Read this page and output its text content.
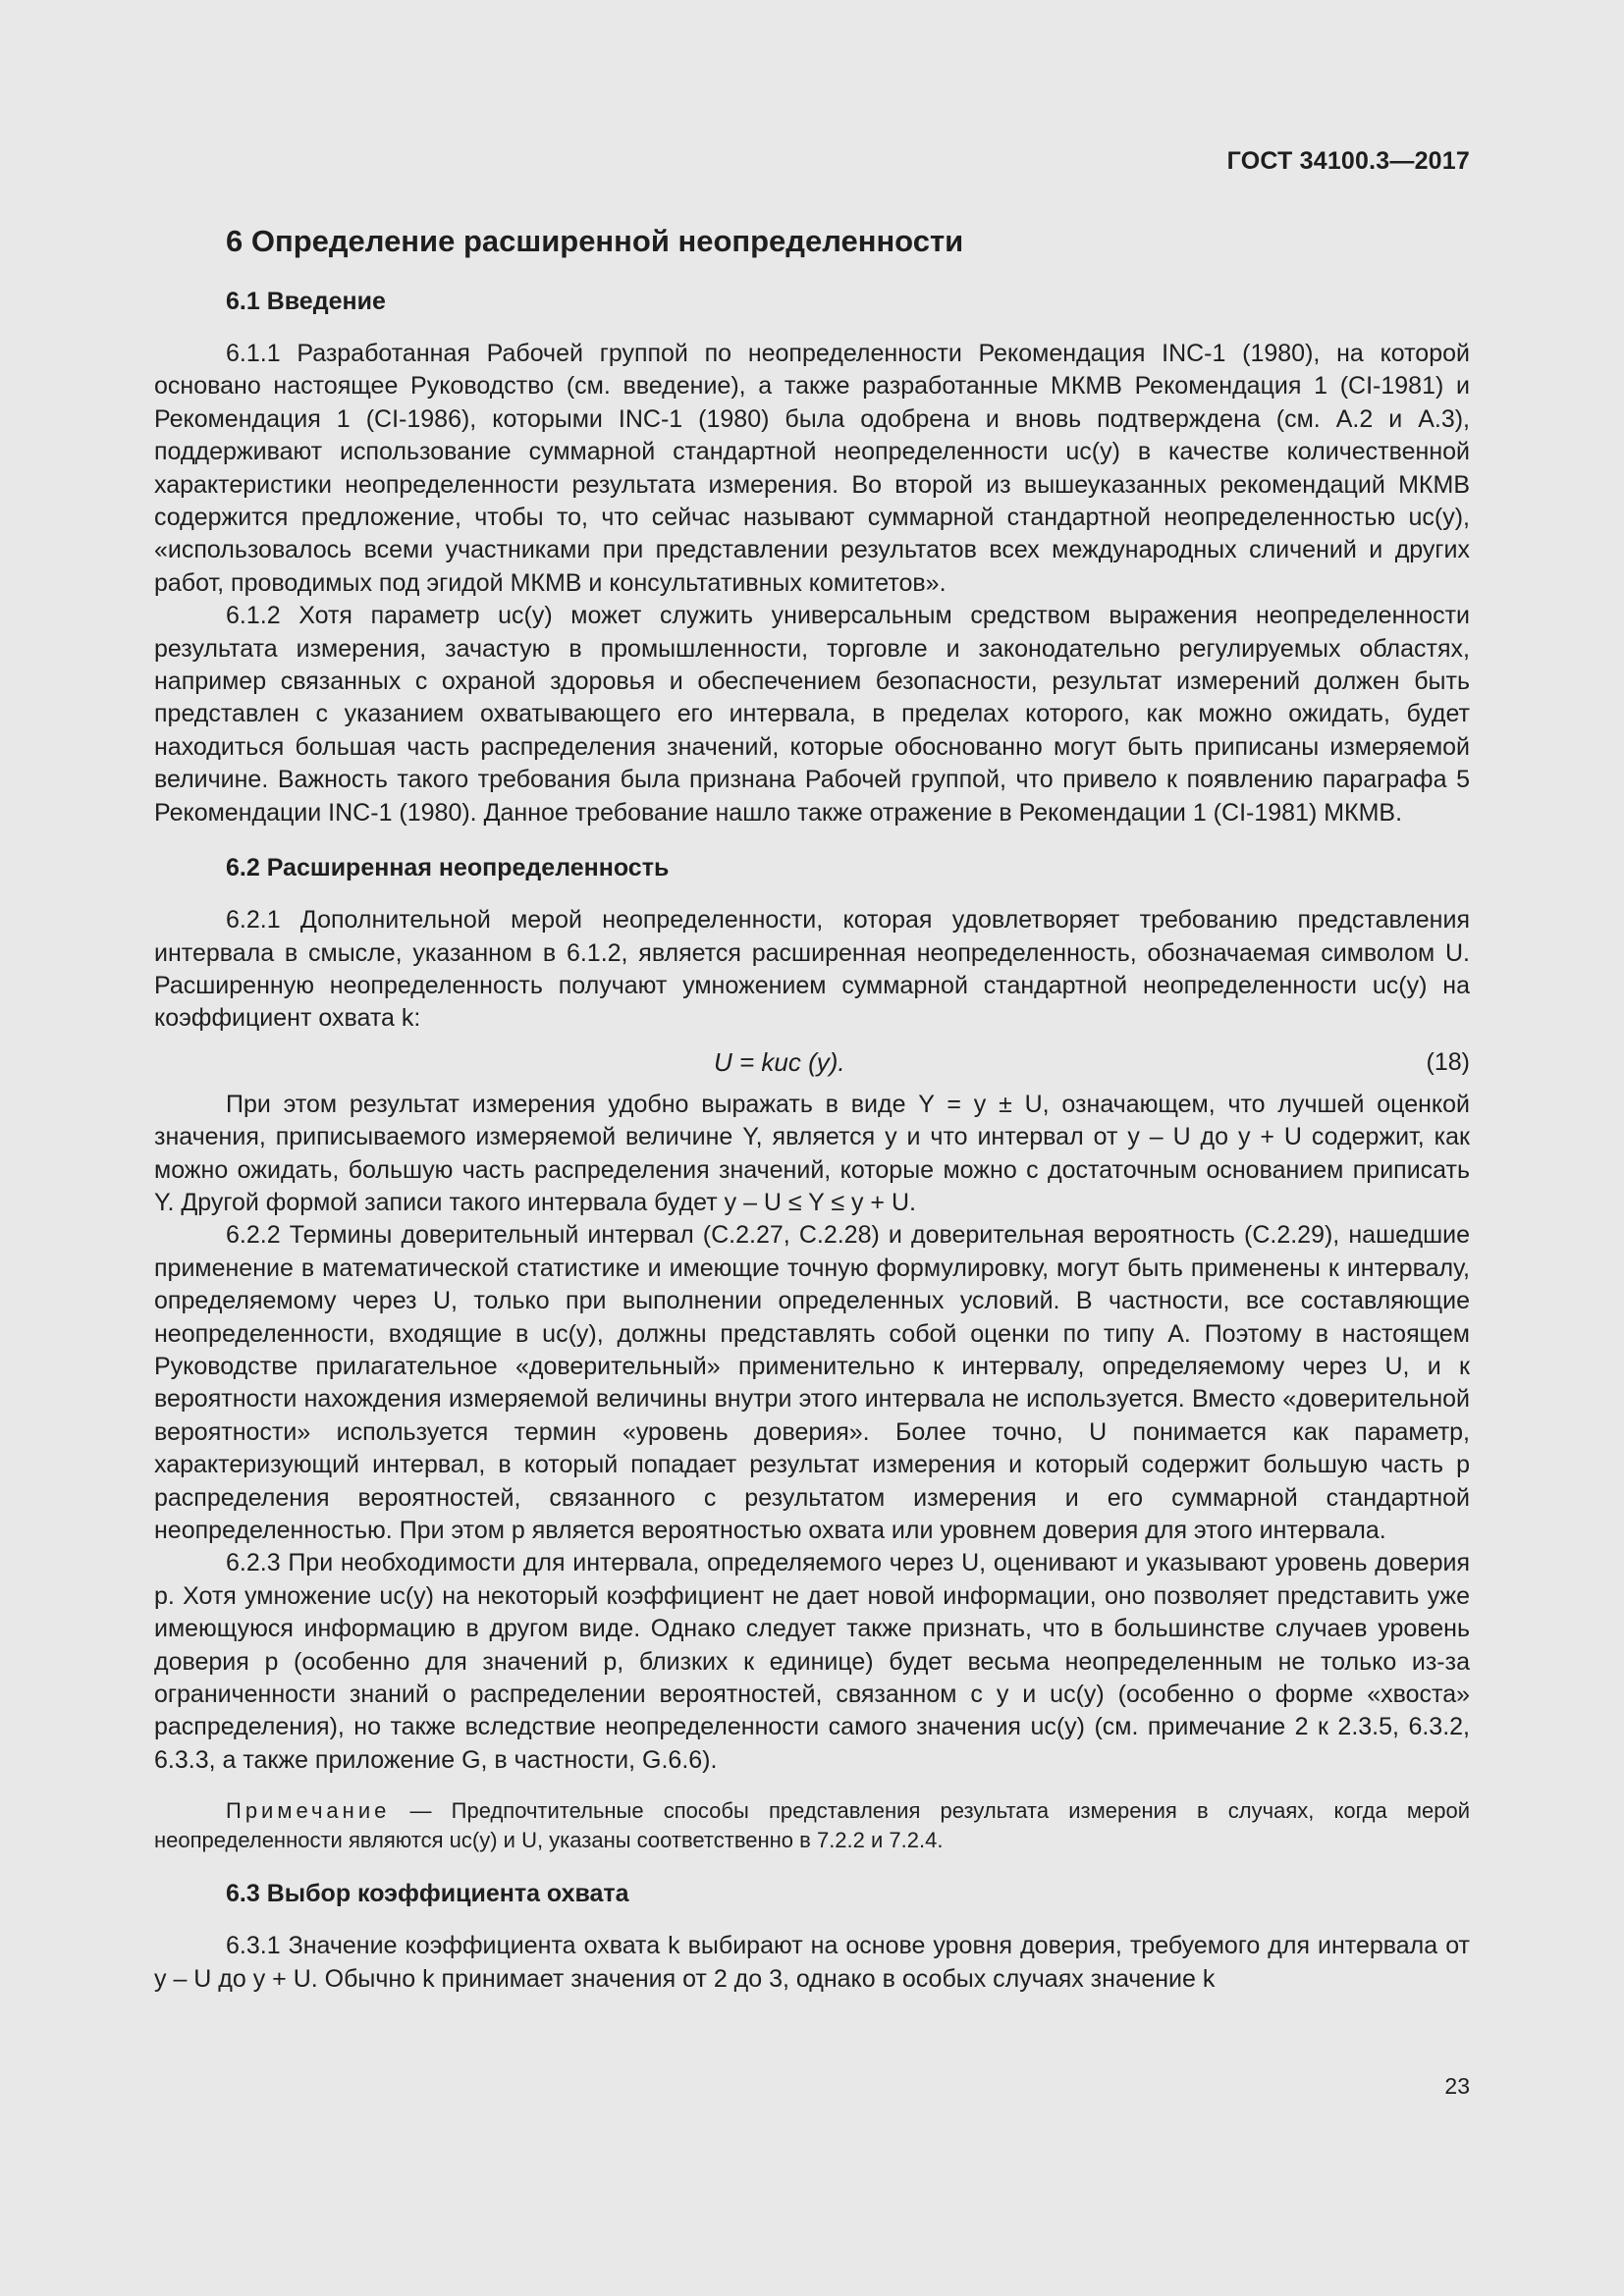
ГОСТ 34100.3—2017
6 Определение расширенной неопределенности
6.1 Введение

6.1.1 Разработанная Рабочей группой по неопределенности Рекомендация INC-1 (1980), на которой основано настоящее Руководство (см. введение), а также разработанные МКМВ Рекомендация 1 (CI-1981) и Рекомендация 1 (CI-1986), которыми INC-1 (1980) была одобрена и вновь подтверждена (см. А.2 и А.3), поддерживают использование суммарной стандартной неопределенности uc(y) в качестве количественной характеристики неопределенности результата измерения. Во второй из вышеуказанных рекомендаций МКМВ содержится предложение, чтобы то, что сейчас называют суммарной стандартной неопределенностью uc(y), «использовалось всеми участниками при представлении результатов всех международных сличений и других работ, проводимых под эгидой МКМВ и консультативных комитетов».

6.1.2 Хотя параметр uc(y) может служить универсальным средством выражения неопределенности результата измерения, зачастую в промышленности, торговле и законодательно регулируемых областях, например связанных с охраной здоровья и обеспечением безопасности, результат измерений должен быть представлен с указанием охватывающего его интервала, в пределах которого, как можно ожидать, будет находиться большая часть распределения значений, которые обоснованно могут быть приписаны измеряемой величине. Важность такого требования была признана Рабочей группой, что привело к появлению параграфа 5 Рекомендации INC-1 (1980). Данное требование нашло также отражение в Рекомендации 1 (CI-1981) МКМВ.

6.2 Расширенная неопределенность

6.2.1 Дополнительной мерой неопределенности, которая удовлетворяет требованию представления интервала в смысле, указанном в 6.1.2, является расширенная неопределенность, обозначаемая символом U. Расширенную неопределенность получают умножением суммарной стандартной неопределенности uc(y) на коэффициент охвата k:

U = kuc (y).	(18)

При этом результат измерения удобно выражать в виде Y = y ± U, означающем, что лучшей оценкой значения, приписываемого измеряемой величине Y, является y и что интервал от y – U до y + U содержит, как можно ожидать, большую часть распределения значений, которые можно с достаточным основанием приписать Y. Другой формой записи такого интервала будет y – U ≤ Y ≤ y + U.

6.2.2 Термины доверительный интервал (C.2.27, C.2.28) и доверительная вероятность (C.2.29), нашедшие применение в математической статистике и имеющие точную формулировку, могут быть применены к интервалу, определяемому через U, только при выполнении определенных условий. В частности, все составляющие неопределенности, входящие в uc(y), должны представлять собой оценки по типу А. Поэтому в настоящем Руководстве прилагательное «доверительный» применительно к интервалу, определяемому через U, и к вероятности нахождения измеряемой величины внутри этого интервала не используется. Вместо «доверительной вероятности» используется термин «уровень доверия». Более точно, U понимается как параметр, характеризующий интервал, в который попадает результат измерения и который содержит большую часть p распределения вероятностей, связанного с результатом измерения и его суммарной стандартной неопределенностью. При этом p является вероятностью охвата или уровнем доверия для этого интервала.

6.2.3 При необходимости для интервала, определяемого через U, оценивают и указывают уровень доверия p. Хотя умножение uc(y) на некоторый коэффициент не дает новой информации, оно позволяет представить уже имеющуюся информацию в другом виде. Однако следует также признать, что в большинстве случаев уровень доверия p (особенно для значений p, близких к единице) будет весьма неопределенным не только из-за ограниченности знаний о распределении вероятностей, связанном с y и uc(y) (особенно о форме «хвоста» распределения), но также вследствие неопределенности самого значения uc(y) (см. примечание 2 к 2.3.5, 6.3.2, 6.3.3, а также приложение G, в частности, G.6.6).

Примечание — Предпочтительные способы представления результата измерения в случаях, когда мерой неопределенности являются uc(y) и U, указаны соответственно в 7.2.2 и 7.2.4.
6.3 Выбор коэффициента охвата

6.3.1 Значение коэффициента охвата k выбирают на основе уровня доверия, требуемого для интервала от y – U до y + U. Обычно k принимает значения от 2 до 3, однако в особых случаях значение k

23
